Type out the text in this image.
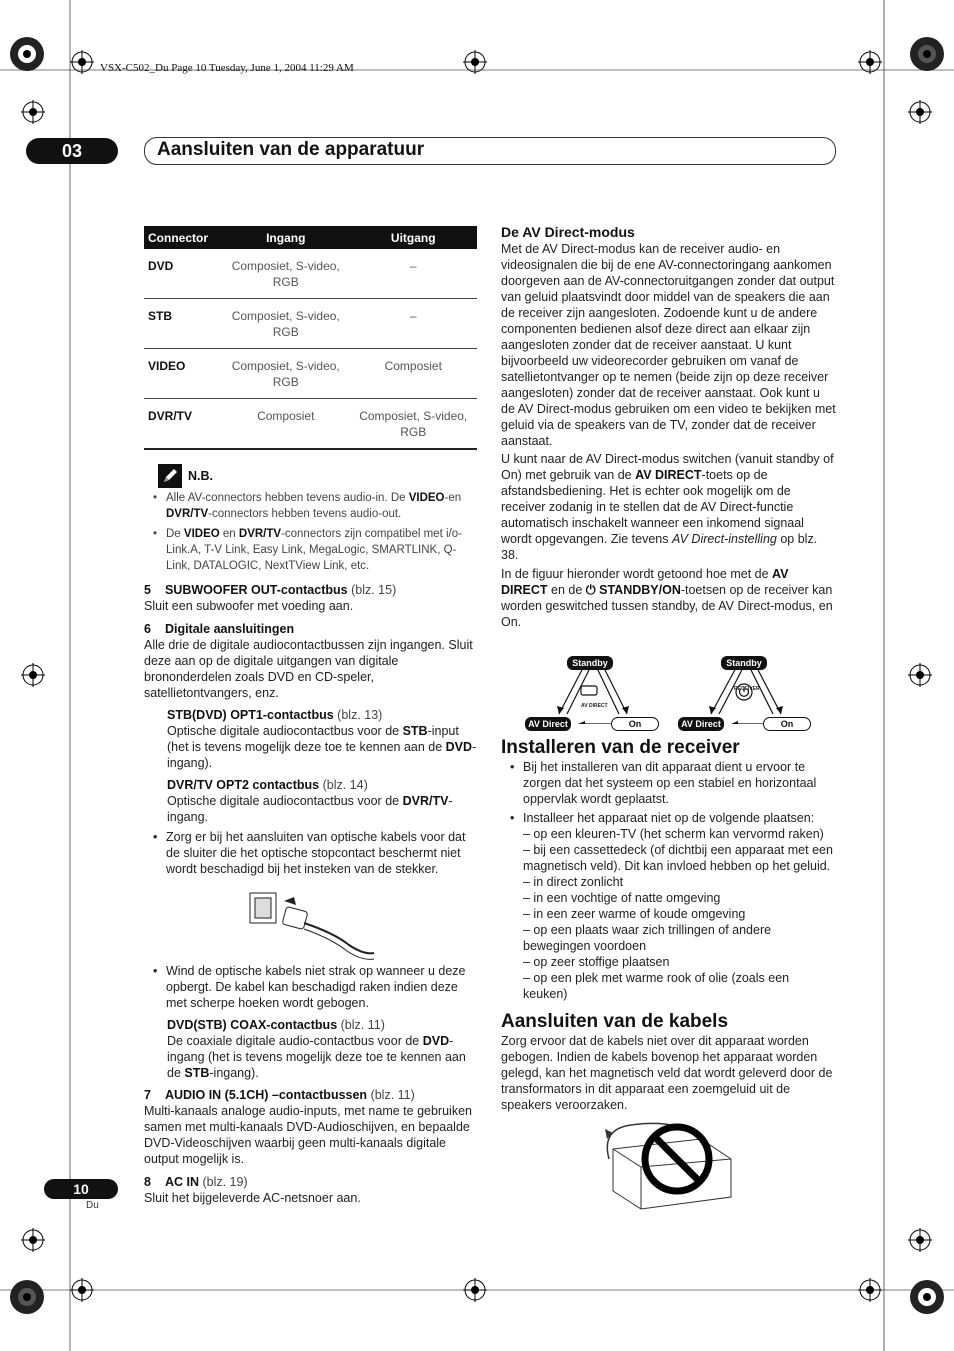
VSX-C502_Du Page 10 Tuesday, June 1, 2004 11:29 AM
03	Aansluiten van de apparatuur
Connector	Ingang	Uitgang
DVD	Composiet, S-video, RGB	–
STB	Composiet, S-video, RGB	–
VIDEO	Composiet, S-video, RGB	Composiet
DVR/TV	Composiet	Composiet, S-video, RGB
N.B.
• Alle AV-connectors hebben tevens audio-in. De VIDEO-en DVR/TV-connectors hebben tevens audio-out.
• De VIDEO en DVR/TV-connectors zijn compatibel met i/o-Link.A, T-V Link, Easy Link, MegaLogic, SMARTLINK, Q-Link, DATALOGIC, NextTView Link, etc.

5 SUBWOOFER OUT-contactbus (blz. 15)

Sluit een subwoofer met voeding aan.

6 Digitale aansluitingen

Alle drie de digitale audiocontactbussen zijn ingangen. Sluit deze aan op de digitale uitgangen van digitale brononderdelen zoals DVD en CD-speler, satellietontvangers, enz.

STB(DVD) OPT1-contactbus (blz. 13)

Optische digitale audiocontactbus voor de STB-input (het is tevens mogelijk deze toe te kennen aan de DVD-ingang).

DVR/TV OPT2 contactbus (blz. 14)

Optische digitale audiocontactbus voor de DVR/TV-ingang.

• Zorg er bij het aansluiten van optische kabels voor dat de sluiter die het optische stopcontact beschermt niet wordt beschadigd bij het insteken van de stekker.
• Wind de optische kabels niet strak op wanneer u deze opbergt. De kabel kan beschadigd raken indien deze met scherpe hoeken wordt gebogen.

DVD(STB) COAX-contactbus (blz. 11)

De coaxiale digitale audio-contactbus voor de DVD-ingang (het is tevens mogelijk deze toe te kennen aan de STB-ingang).

7 AUDIO IN (5.1CH) –contactbussen (blz. 11)

Multi-kanaals analoge audio-inputs, met name te gebruiken samen met multi-kanaals DVD-Audioschijven, en bepaalde DVD-Videoschijven waarbij geen multi-kanaals digitale output mogelijk is.

8 AC IN (blz. 19)

Sluit het bijgeleverde AC-netsnoer aan.

De AV Direct-modus

Met de AV Direct-modus kan de receiver audio- en videosignalen die bij de ene AV-connectoringang aankomen doorgeven aan de AV-connectoruitgangen zonder dat output van geluid plaatsvindt door middel van de speakers die aan de receiver zijn aangesloten. Zodoende kunt u de andere componenten bedienen alsof deze direct aan elkaar zijn aangesloten zonder dat de receiver aanstaat. U kunt bijvoorbeeld uw videorecorder gebruiken om vanaf de satellietontvanger op te nemen (beide zijn op deze receiver aangesloten) zonder dat de receiver aanstaat. Ook kunt u de AV Direct-modus gebruiken om een video te bekijken met geluid via de speakers van de TV, zonder dat de receiver aanstaat.

U kunt naar de AV Direct-modus switchen (vanuit standby of On) met gebruik van de AV DIRECT-toets op de afstandsbediening. Het is echter ook mogelijk om de receiver zodanig in te stellen dat de AV Direct-functie automatisch inschakelt wanneer een inkomend signaal wordt opgevangen. Zie tevens AV Direct-instelling op blz. 38.

In de figuur hieronder wordt getoond hoe met de AV DIRECT en de ⏻ STANDBY/ON-toetsen op de receiver kan worden geswitched tussen standby, de AV Direct-modus, en On.

Standby	Standby
AV DIRECT
RECEIVER
AV Direct	On	AV Direct	On

Installeren van de receiver

• Bij het installeren van dit apparaat dient u ervoor te zorgen dat het systeem op een stabiel en horizontaal oppervlak wordt geplaatst.
• Installeer het apparaat niet op de volgende plaatsen:
– op een kleuren-TV (het scherm kan vervormd raken)
– bij een cassettedeck (of dichtbij een apparaat met een magnetisch veld). Dit kan invloed hebben op het geluid.
– in direct zonlicht
– in een vochtige of natte omgeving
– in een zeer warme of koude omgeving
– op een plaats waar zich trillingen of andere bewegingen voordoen
– op zeer stoffige plaatsen
– op een plek met warme rook of olie (zoals een keuken)

Aansluiten van de kabels

Zorg ervoor dat de kabels niet over dit apparaat worden gebogen. Indien de kabels bovenop het apparaat worden gelegd, kan het magnetisch veld dat wordt geleverd door de transformators in dit apparaat een zoemgeluid uit de speakers veroorzaken.

10
Du
